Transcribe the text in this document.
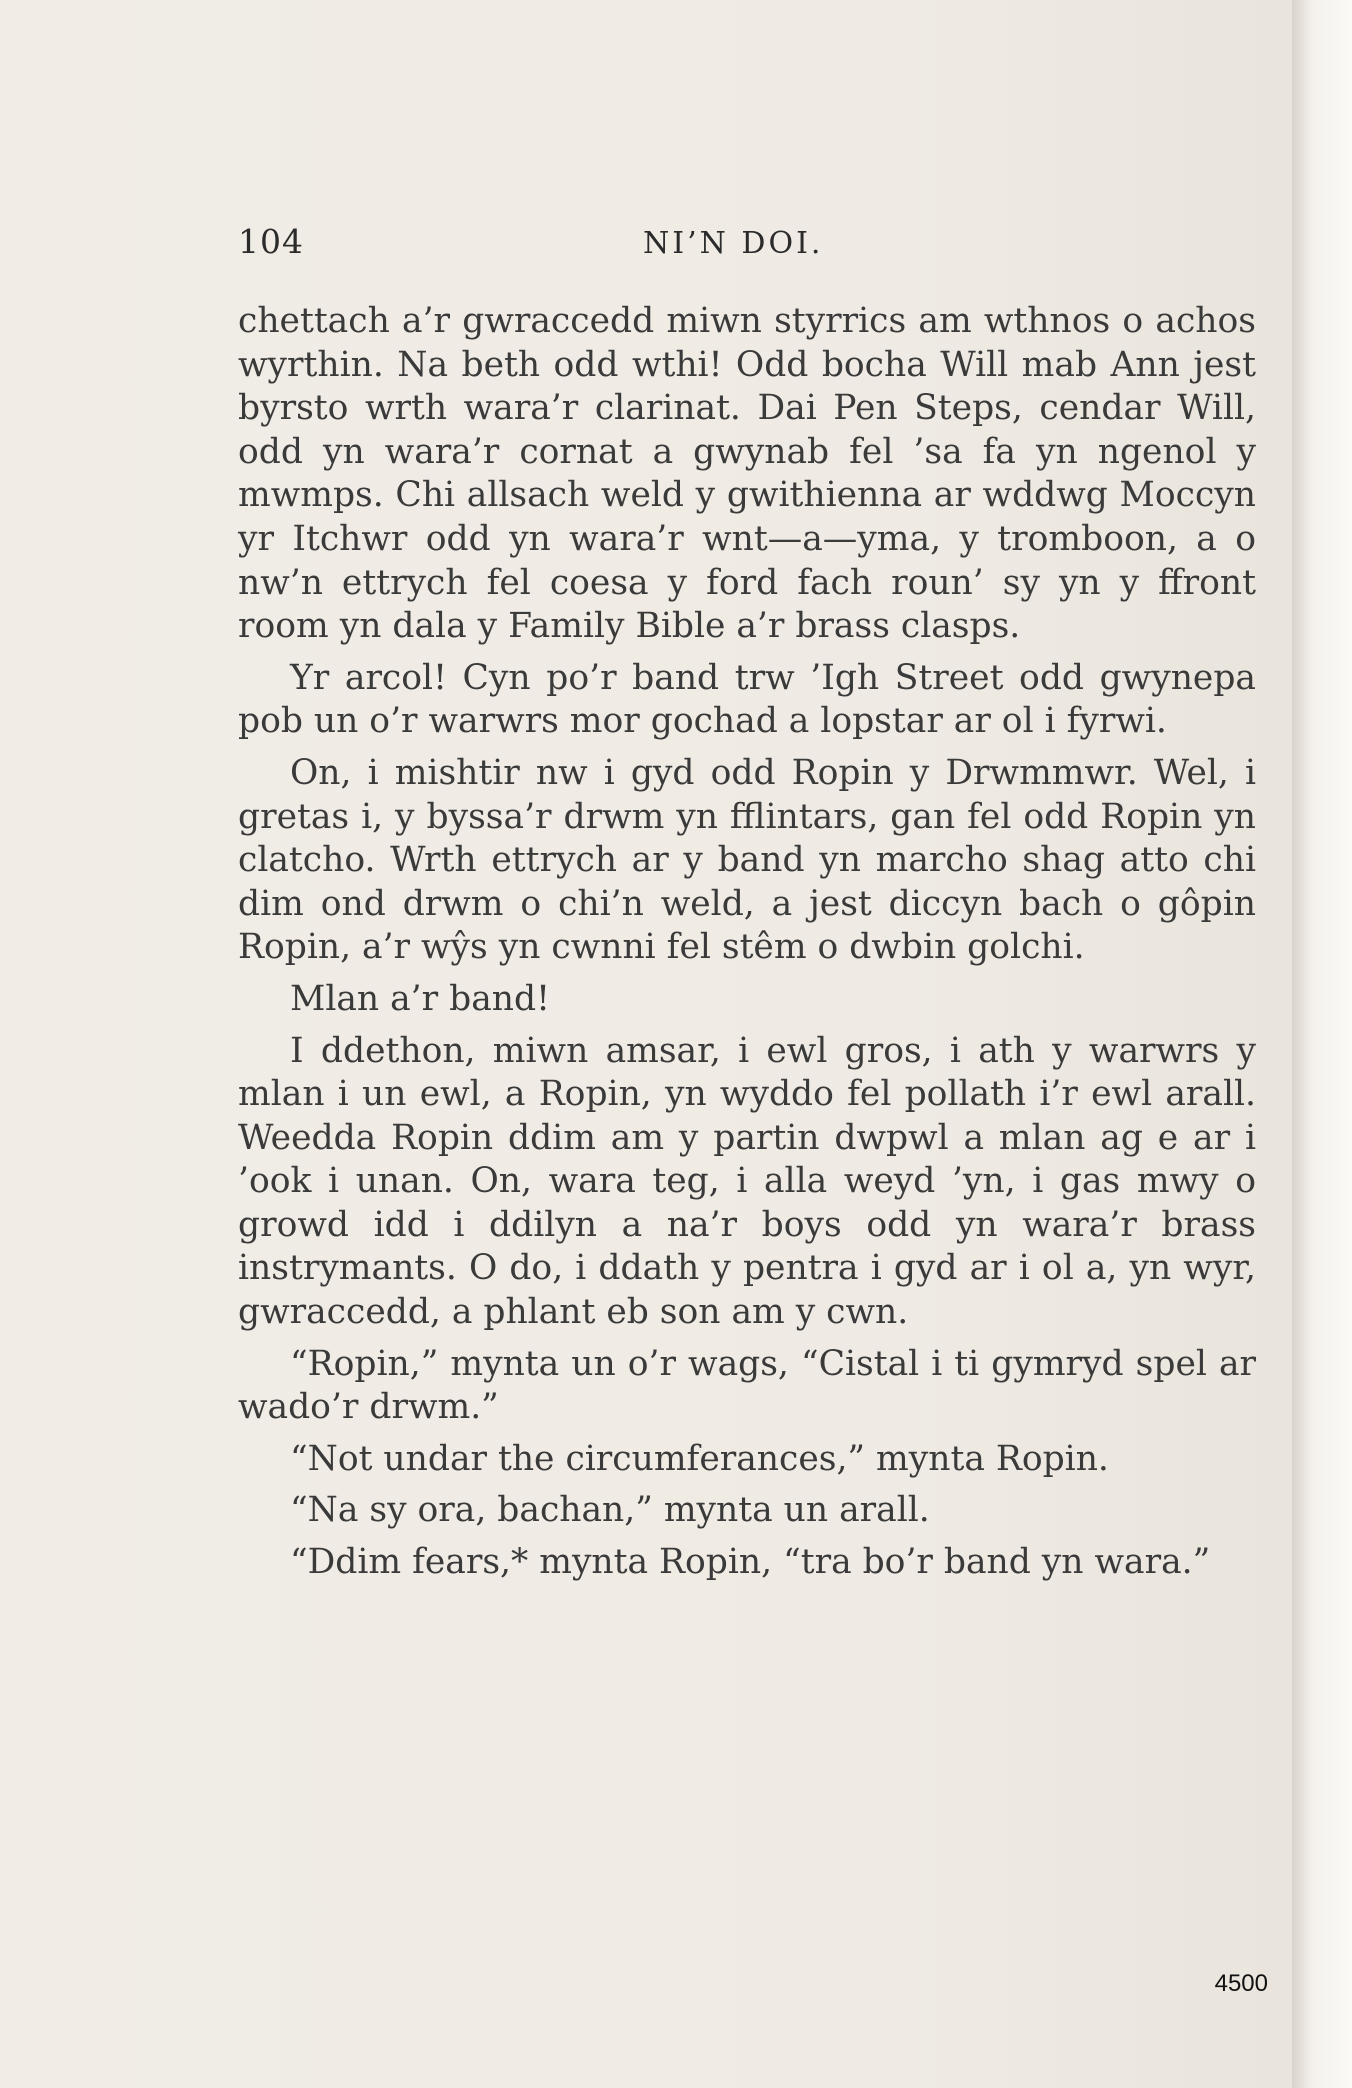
104	NI’N DOI.

chettach a’r gwraccedd miwn styrrics am wthnos o achos wyrthin. Na beth odd wthi! Odd bocha Will mab Ann jest byrsto wrth wara’r clarinat. Dai Pen Steps, cendar Will, odd yn wara’r cornat a gwynab fel ’sa fa yn ngenol y mwmps. Chi allsach weld y gwithienna ar wddwg Moccyn yr Itchwr odd yn wara’r wnt—a—yma, y tromboon, a o nw’n ettrych fel coesa y ford fach roun’ sy yn y ffront room yn dala y Family Bible a’r brass clasps.

Yr arcol! Cyn po’r band trw ’Igh Street odd gwynepa pob un o’r warwrs mor gochad a lopstar ar ol i fyrwi.

On, i mishtir nw i gyd odd Ropin y Drwmmwr. Wel, i gretas i, y byssa’r drwm yn fflintars, gan fel odd Ropin yn clatcho. Wrth ettrych ar y band yn marcho shag atto chi dim ond drwm o chi’n weld, a jest diccyn bach o gôpin Ropin, a’r wŷs yn cwnni fel stêm o dwbin golchi.

Mlan a’r band!

I ddethon, miwn amsar, i ewl gros, i ath y warwrs y mlan i un ewl, a Ropin, yn wyddo fel pollath i’r ewl arall. Weedda Ropin ddim am y partin dwpwl a mlan ag e ar i ’ook i unan. On, wara teg, i alla weyd ’yn, i gas mwy o growd idd i ddilyn a na’r boys odd yn wara’r brass instrymants. O do, i ddath y pentra i gyd ar i ol a, yn wyr, gwraccedd, a phlant eb son am y cwn.

“Ropin,” mynta un o’r wags, “Cistal i ti gymryd spel ar wado’r drwm.”

“Not undar the circumferances,” mynta Ropin.

“Na sy ora, bachan,” mynta un arall.

“Ddim fears,* mynta Ropin, “tra bo’r band yn wara.”

4500
